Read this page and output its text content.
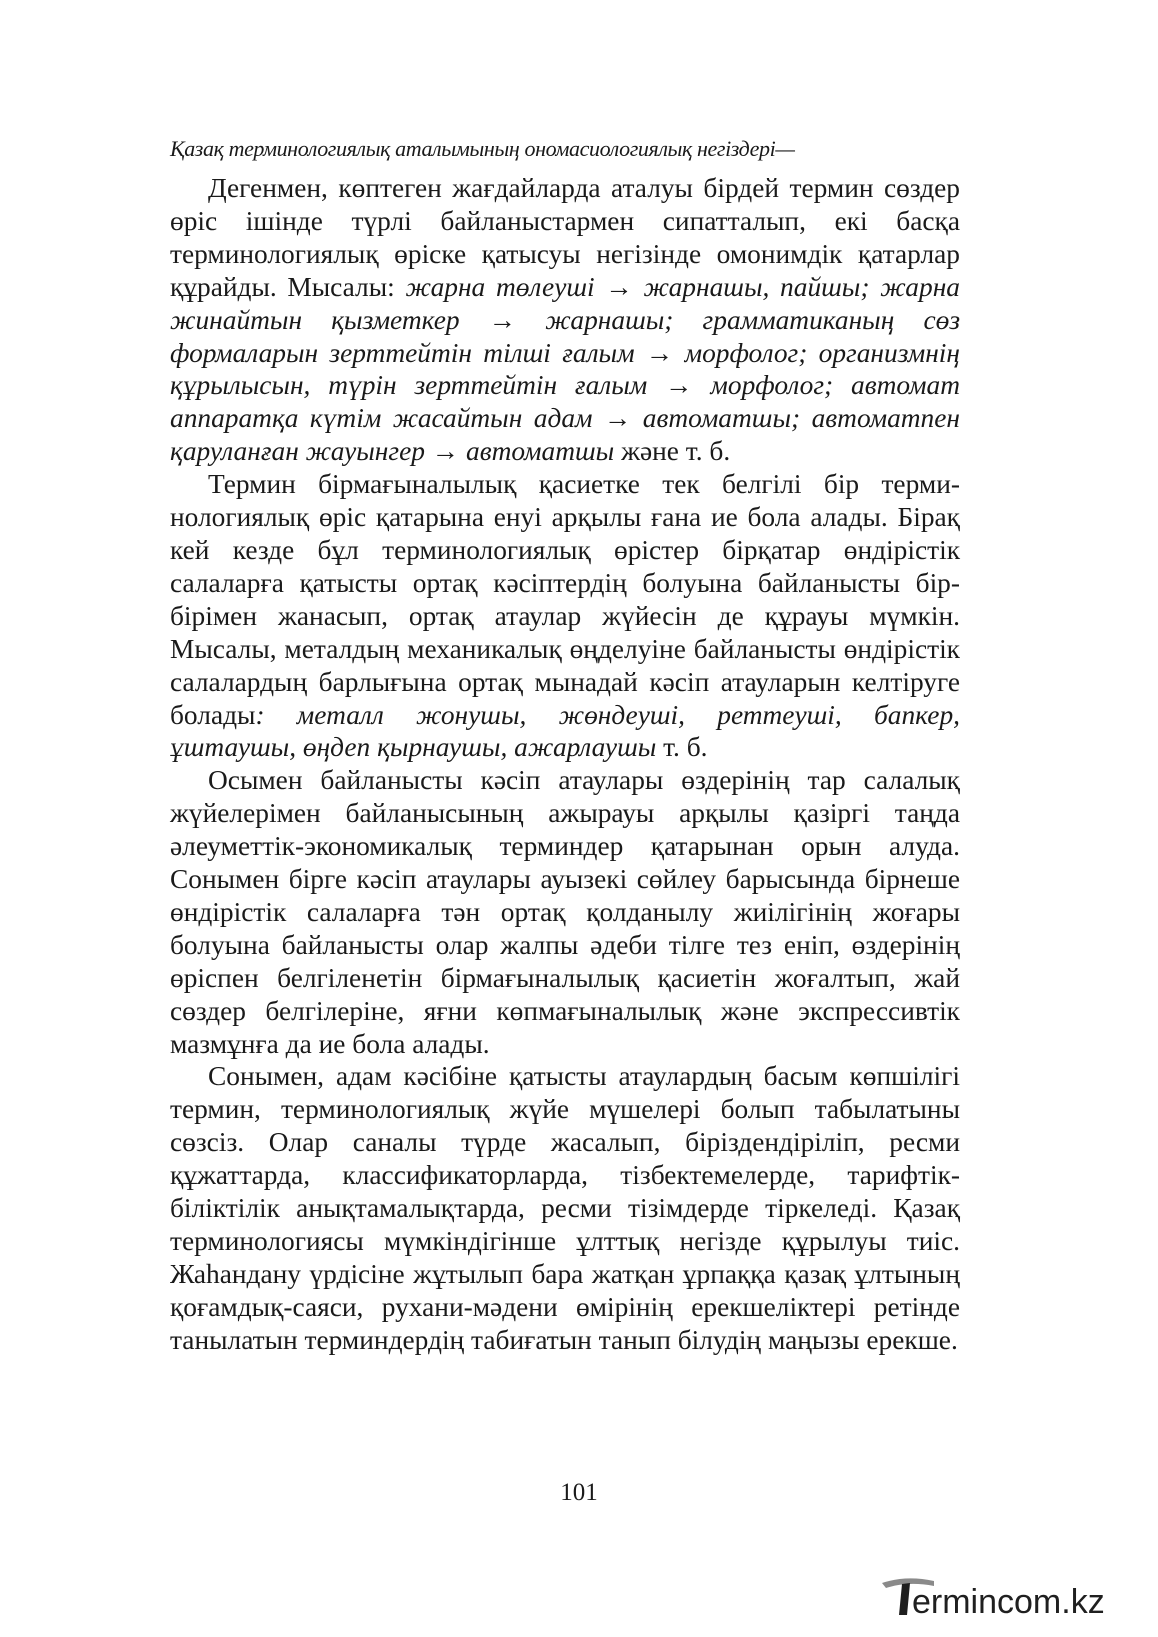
Қазақ терминологиялық аталымының ономасиологиялық негіздері—

Дегенмен, көптеген жағдайларда аталуы бірдей термин сөздер өріс ішінде түрлі байланыстармен сипатталып, екі басқа терминологиялық өріске қатысуы негізінде омонимдік қатарлар құрайды. Мысалы: жарна төлеуші → жарнашы, пайшы; жарна жинайтын қызметкер → жарнашы; грамматиканың сөз формаларын зерттейтін тілші ғалым → морфолог; организмнің құрылысын, түрін зерттейтін ғалым → морфолог; автомат аппаратқа күтім жасайтын адам → автоматшы; автоматпен қаруланған жауынгер → автоматшы және т. б.

Термин бірмағыналылық қасиетке тек белгілі бір терминологиялық өріс қатарына енуі арқылы ғана ие бола алады. Бірақ кей кезде бұл терминологиялық өрістер бірқатар өндірістік салаларға қатысты ортақ кәсіптердің болуына байланысты бір-бірімен жанасып, ортақ атаулар жүйесін де құрауы мүмкін. Мысалы, металдың механикалық өңделуіне байланысты өндірістік салалардың барлығына ортақ мынадай кәсіп атауларын келтіруге болады: металл жонушы, жөндеуші, реттеуші, бапкер, ұштаушы, өңдеп қырнаушы, ажарлаушы т. б.

Осымен байланысты кәсіп атаулары өздерінің тар салалық жүйелерімен байланысының ажырауы арқылы қазіргі таңда әлеуметтік-экономикалық терминдер қатарынан орын алуда. Сонымен бірге кәсіп атаулары ауызекі сөйлеу барысында бірнеше өндірістік салаларға тән ортақ қолданылу жиілігінің жоғары болуына байланысты олар жалпы әдеби тілге тез еніп, өздерінің өріспен белгіленетін бірмағыналылық қасиетін жоғалтып, жай сөздер белгілеріне, яғни көпмағыналылық және экспрессивтік мазмұнға да ие бола алады.

Сонымен, адам кәсібіне қатысты атаулардың басым көпшілігі термин, терминологиялық жүйе мүшелері болып табылатыны сөзсіз. Олар саналы түрде жасалып, біріздендіріліп, ресми құжаттарда, классификаторларда, тізбектемелерде, тарифтік-біліктілік анықтамалықтарда, ресми тізімдерде тіркеледі. Қазақ терминологиясы мүмкіндігінше ұлттық негізде құрылуы тиіс. Жаһандану үрдісіне жұтылып бара жатқан ұрпаққа қазақ ұлтының қоғамдық-саяси, рухани-мәдени өмірінің ерекшеліктері ретінде танылатын терминдердің табиғатын танып білудің маңызы ерекше.

101
ermincom.kz
